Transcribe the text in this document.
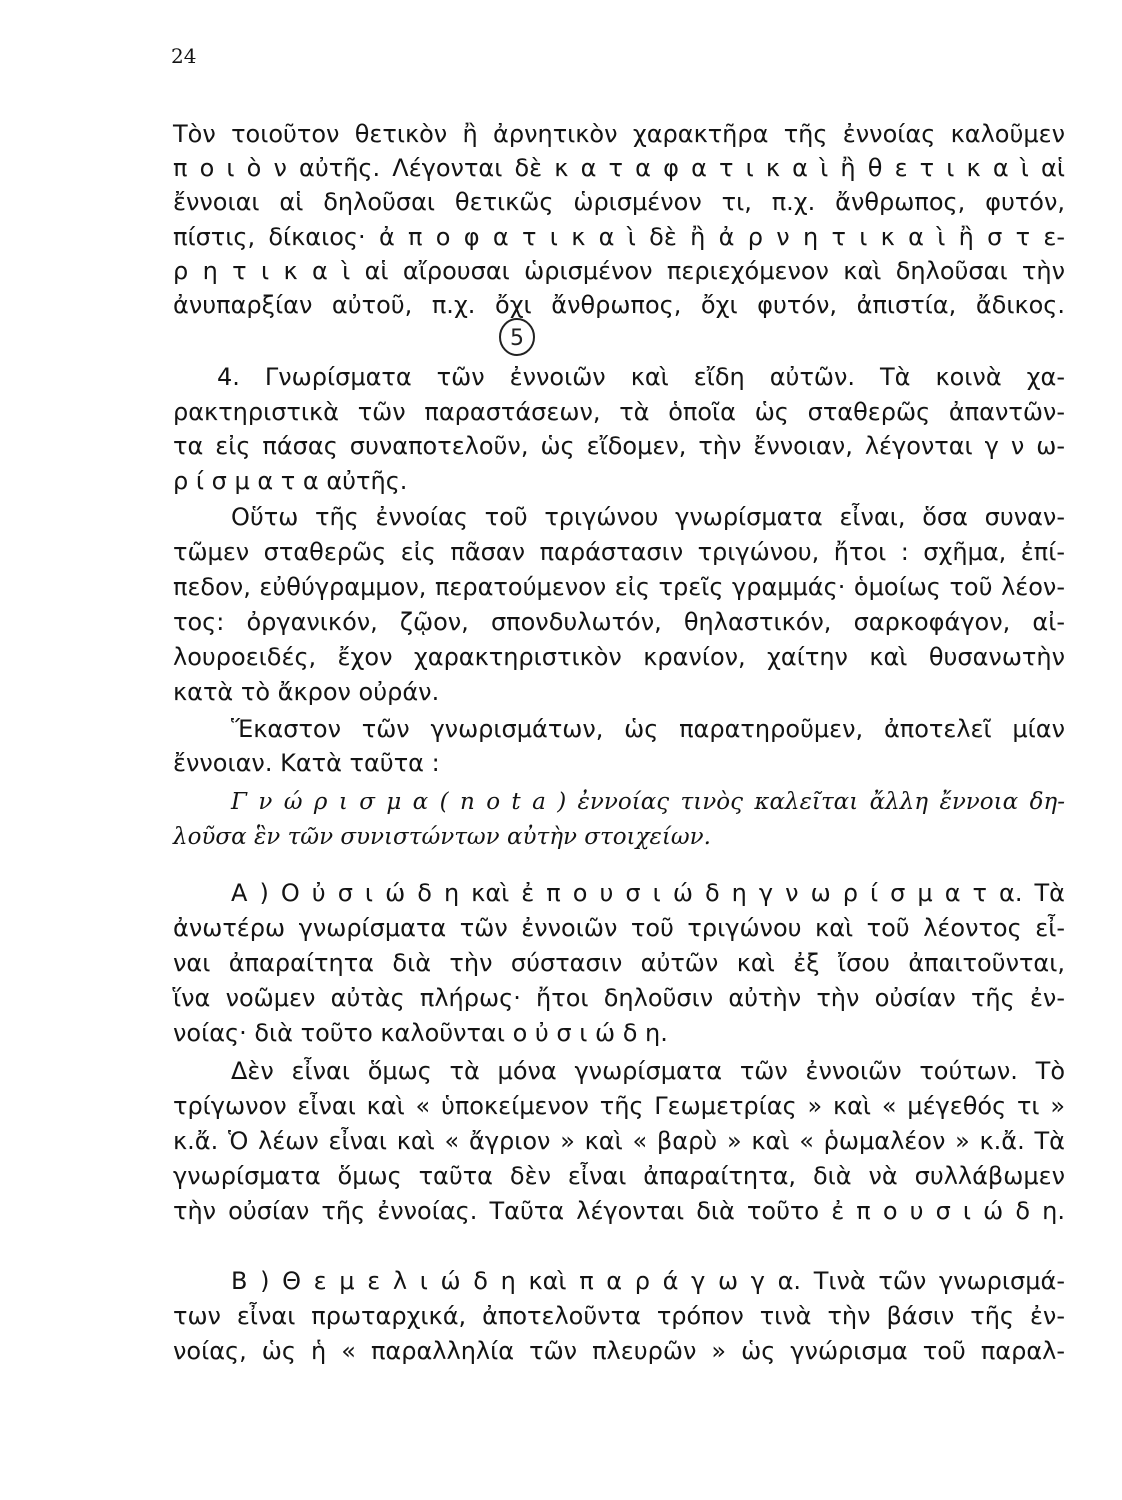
24
5
Τὸν τοιοῦτον θετικὸν ἢ ἀρνητικὸν χαρακτῆρα τῆς ἐννοίας καλοῦμεν
π ο ι ὸ ν αὐτῆς. Λέγονται δὲ κ α τ α φ α τ ι κ α ὶ ἢ θ ε τ ι κ α ὶ αἱ
ἔννοιαι αἱ δηλοῦσαι θετικῶς ὡρισμένον τι, π.χ. ἄνθρωπος, φυτόν,
πίστις, δίκαιος· ἀ π ο φ α τ ι κ α ὶ δὲ ἢ ἀ ρ ν η τ ι κ α ὶ ἢ σ τ ε-
ρ η τ ι κ α ὶ αἱ αἴρουσαι ὡρισμένον περιεχόμενον καὶ δηλοῦσαι τὴν
ἀνυπαρξίαν αὐτοῦ, π.χ. ὄχι ἄνθρωπος, ὄχι φυτόν, ἀπιστία, ἄδικος.
4. Γνωρίσματα τῶν ἐννοιῶν καὶ εἴδη αὐτῶν. Τὰ κοινὰ χα-
ρακτηριστικὰ τῶν παραστάσεων, τὰ ὁποῖα ὡς σταθερῶς ἀπαντῶν-
τα εἰς πάσας συναποτελοῦν, ὡς εἴδομεν, τὴν ἔννοιαν, λέγονται γ ν ω-
ρ ί σ μ α τ α αὐτῆς.
Οὕτω τῆς ἐννοίας τοῦ τριγώνου γνωρίσματα εἶναι, ὅσα συναν-
τῶμεν σταθερῶς εἰς πᾶσαν παράστασιν τριγώνου, ἤτοι : σχῆμα, ἐπί-
πεδον, εὐθύγραμμον, περατούμενον εἰς τρεῖς γραμμάς· ὁμοίως τοῦ λέον-
τος: ὀργανικόν, ζῷον, σπονδυλωτόν, θηλαστικόν, σαρκοφάγον, αἰ-
λουροειδές, ἔχον χαρακτηριστικὸν κρανίον, χαίτην καὶ θυσανωτὴν
κατὰ τὸ ἄκρον οὐράν.
Ἕκαστον τῶν γνωρισμάτων, ὡς παρατηροῦμεν, ἀποτελεῖ μίαν
ἔννοιαν. Κατὰ ταῦτα :
Γ ν ώ ρ ι σ μ α ( n o t a ) ἐννοίας τινὸς καλεῖται ἄλλη ἔννοια δη-
λοῦσα ἓν τῶν συνιστώντων αὐτὴν στοιχείων.
Α ) Ο ὐ σ ι ώ δ η καὶ ἐ π ο υ σ ι ώ δ η γ ν ω ρ ί σ μ α τ α. Τὰ
ἀνωτέρω γνωρίσματα τῶν ἐννοιῶν τοῦ τριγώνου καὶ τοῦ λέοντος εἶ-
ναι ἀπαραίτητα διὰ τὴν σύστασιν αὐτῶν καὶ ἐξ ἴσου ἀπαιτοῦνται,
ἵνα νοῶμεν αὐτὰς πλήρως· ἤτοι δηλοῦσιν αὐτὴν τὴν οὐσίαν τῆς ἐν-
νοίας· διὰ τοῦτο καλοῦνται ο ὐ σ ι ώ δ η.
Δὲν εἶναι ὅμως τὰ μόνα γνωρίσματα τῶν ἐννοιῶν τούτων. Τὸ
τρίγωνον εἶναι καὶ « ὑποκείμενον τῆς Γεωμετρίας » καὶ « μέγεθός τι »
κ.ἄ. Ὁ λέων εἶναι καὶ « ἄγριον » καὶ « βαρὺ » καὶ « ῥωμαλέον » κ.ἄ. Τὰ
γνωρίσματα ὅμως ταῦτα δὲν εἶναι ἀπαραίτητα, διὰ νὰ συλλάβωμεν
τὴν οὐσίαν τῆς ἐννοίας. Ταῦτα λέγονται διὰ τοῦτο ἐ π ο υ σ ι ώ δ η.
Β ) Θ ε μ ε λ ι ώ δ η καὶ π α ρ ά γ ω γ α. Τινὰ τῶν γνωρισμά-
των εἶναι πρωταρχικά, ἀποτελοῦντα τρόπον τινὰ τὴν βάσιν τῆς ἐν-
νοίας, ὡς ἡ « παραλληλία τῶν πλευρῶν » ὡς γνώρισμα τοῦ παραλ-
